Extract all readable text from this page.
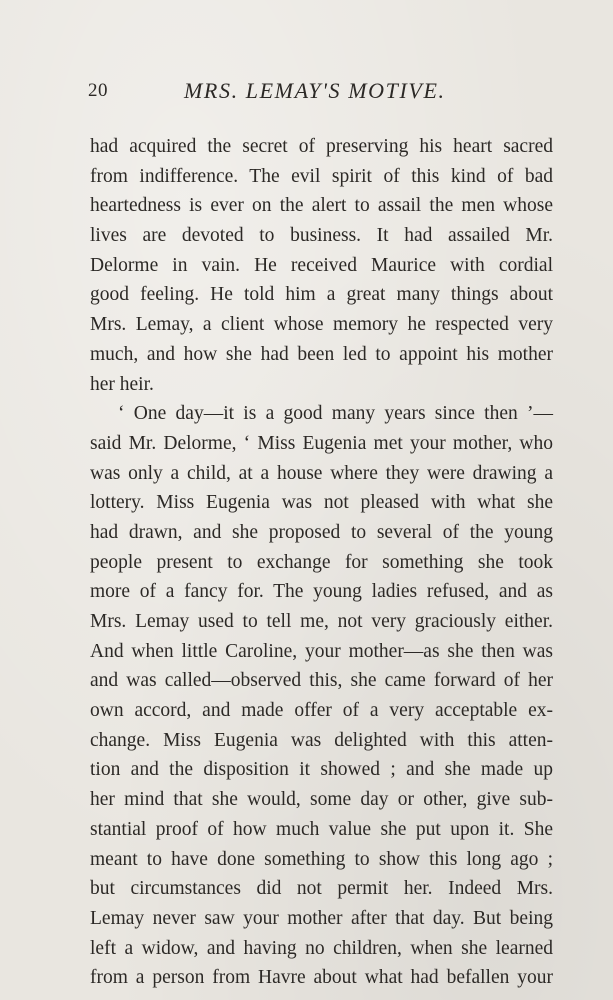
20	MRS. LEMAY'S MOTIVE.
had acquired the secret of preserving his heart sacred
from indifference. The evil spirit of this kind of bad
heartedness is ever on the alert to assail the men whose
lives are devoted to business. It had assailed Mr.
Delorme in vain. He received Maurice with cordial
good feeling. He told him a great many things about
Mrs. Lemay, a client whose memory he respected very
much, and how she had been led to appoint his mother
her heir.
‘ One day—it is a good many years since then ’—
said Mr. Delorme, ‘ Miss Eugenia met your mother, who
was only a child, at a house where they were drawing a
lottery. Miss Eugenia was not pleased with what she
had drawn, and she proposed to several of the young
people present to exchange for something she took
more of a fancy for. The young ladies refused, and as
Mrs. Lemay used to tell me, not very graciously either.
And when little Caroline, your mother—as she then was
and was called—observed this, she came forward of her
own accord, and made offer of a very acceptable ex-
change. Miss Eugenia was delighted with this atten-
tion and the disposition it showed ; and she made up
her mind that she would, some day or other, give sub-
stantial proof of how much value she put upon it. She
meant to have done something to show this long ago ;
but circumstances did not permit her. Indeed Mrs.
Lemay never saw your mother after that day. But being
left a widow, and having no children, when she learned
from a person from Havre about what had befallen your
